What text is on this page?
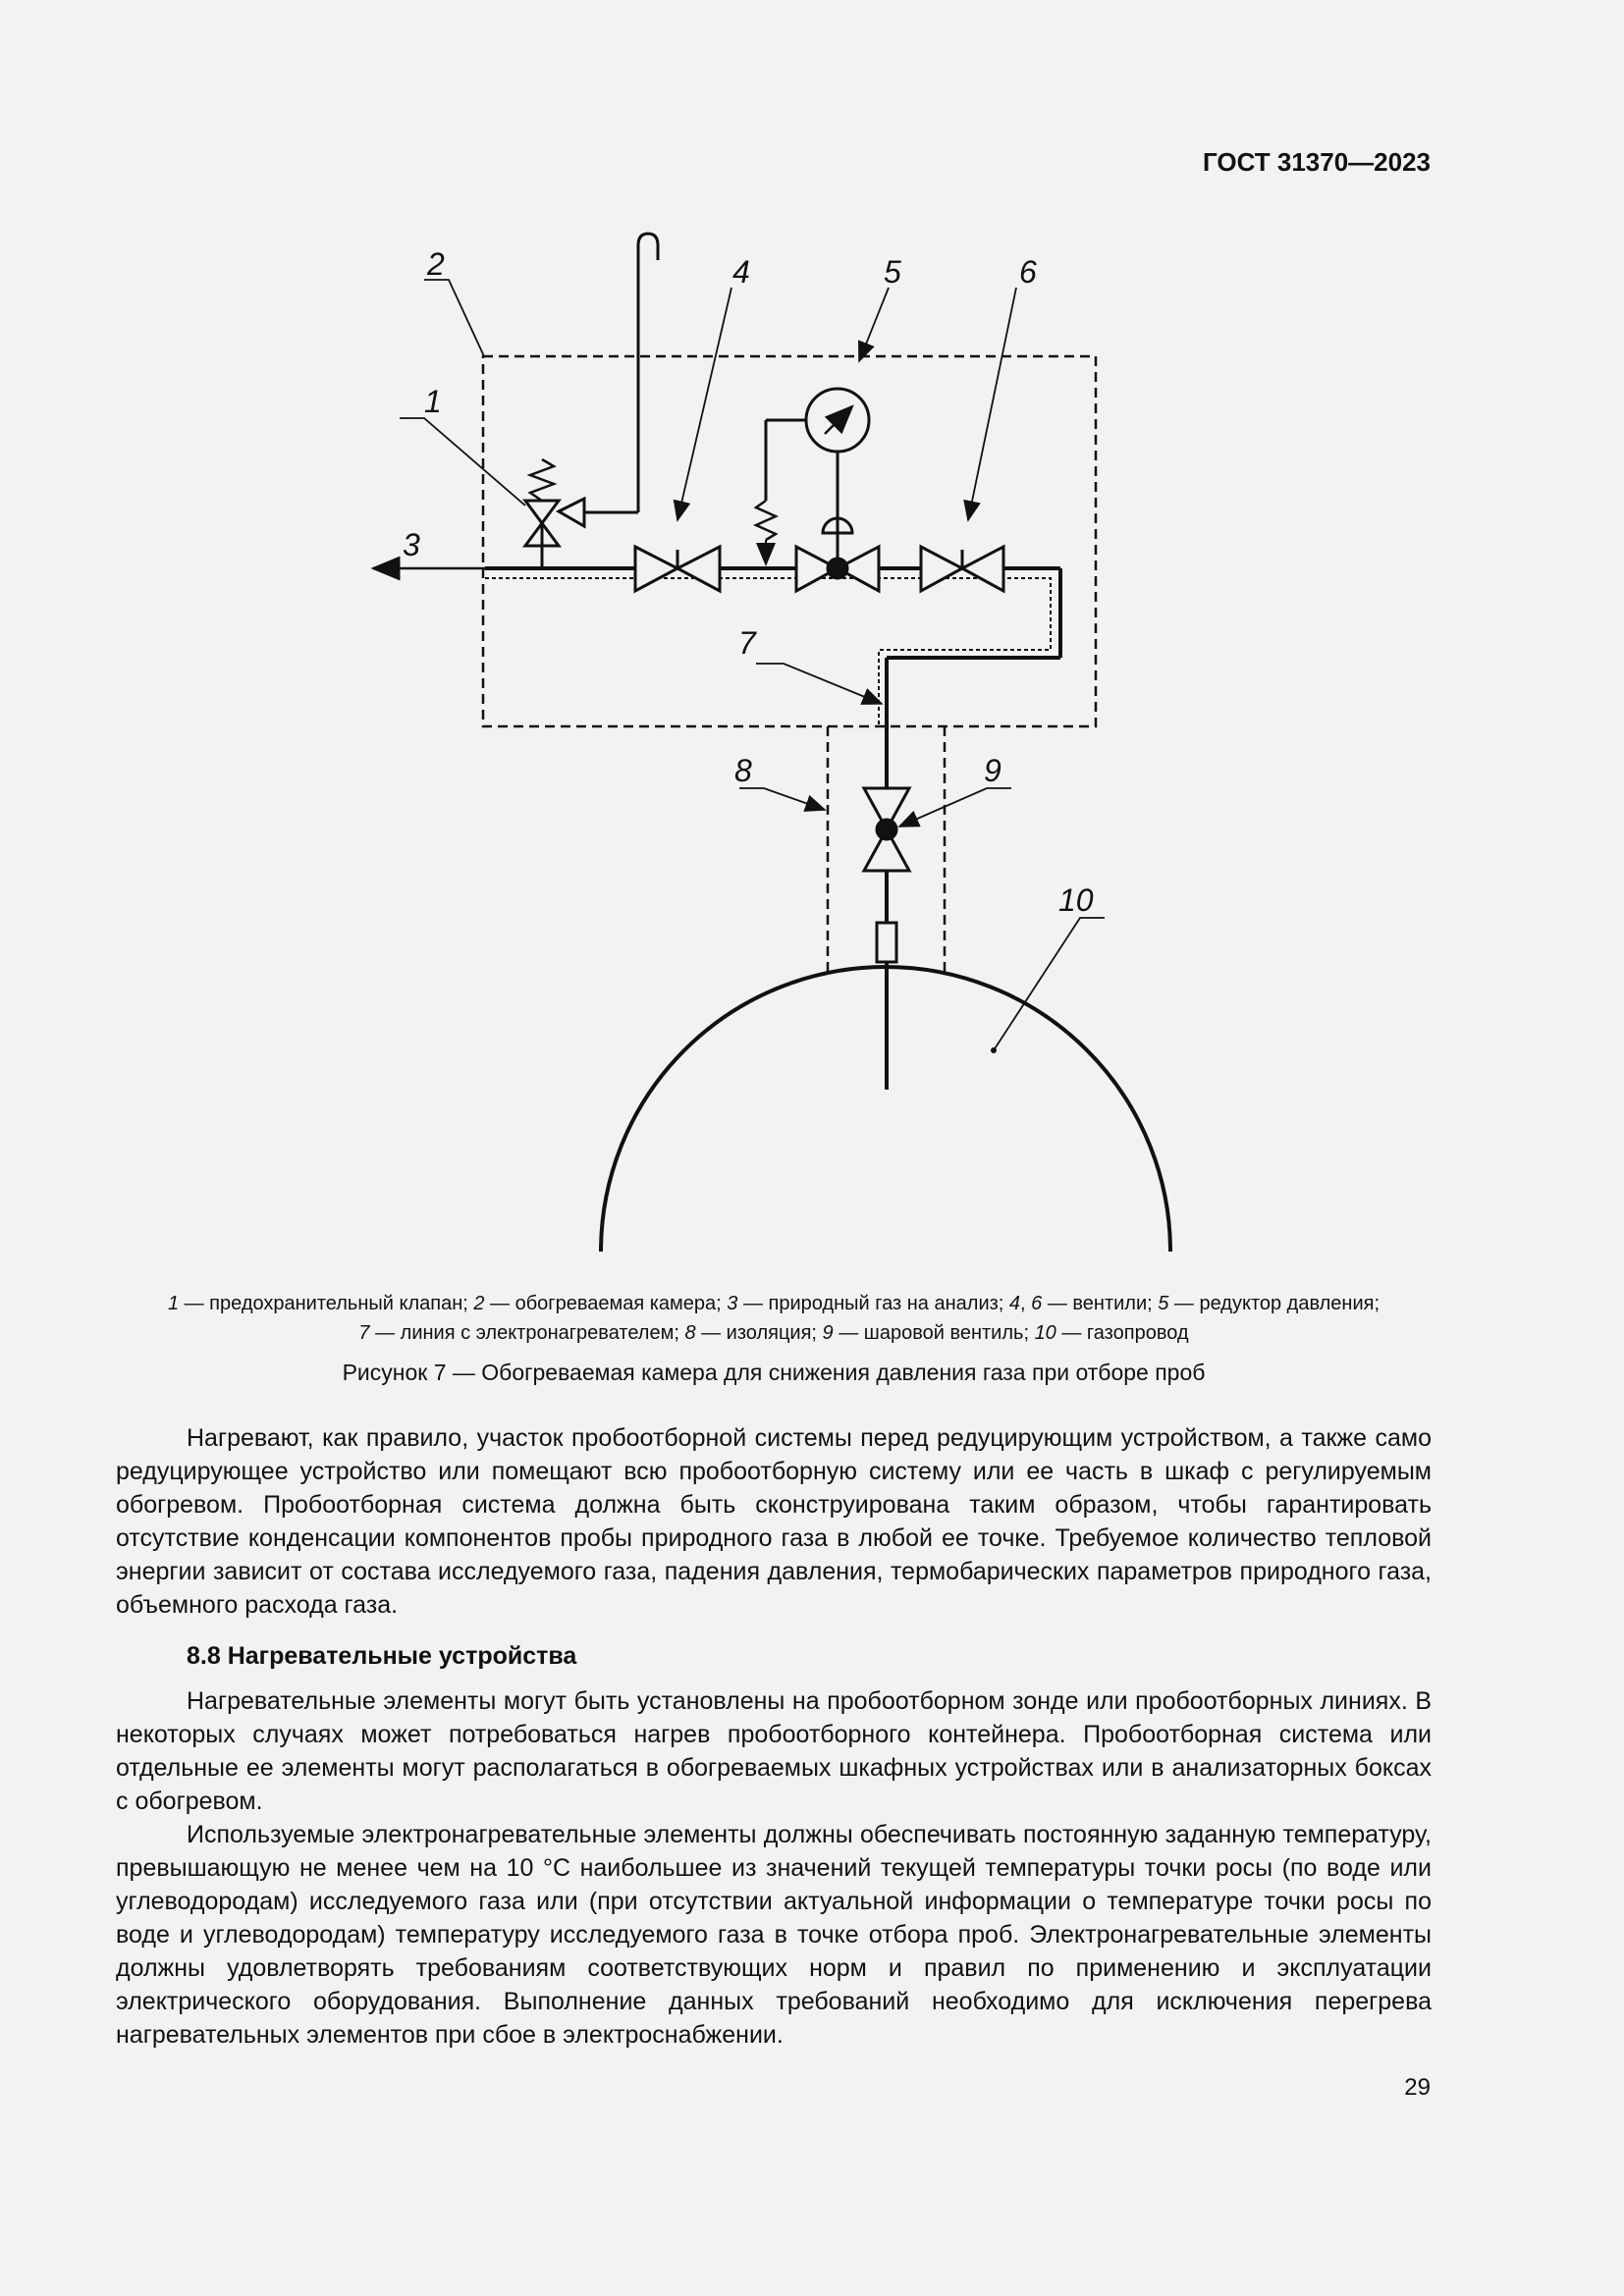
ГОСТ 31370—2023
2
1
3
4	5	6
7
8	9
10
1 — предохранительный клапан; 2 — обогреваемая камера; 3 — природный газ на анализ; 4, 6 — вентили; 5 — редуктор давления;
7 — линия с электронагревателем; 8 — изоляция; 9 — шаровой вентиль; 10 — газопровод
Рисунок 7 — Обогреваемая камера для снижения давления газа при отборе проб

Нагревают, как правило, участок пробоотборной системы перед редуцирующим устройством, а также само редуцирующее устройство или помещают всю пробоотборную систему или ее часть в шкаф с регулируемым обогревом. Пробоотборная система должна быть сконструирована таким образом, чтобы гарантировать отсутствие конденсации компонентов пробы природного газа в любой ее точке. Требуемое количество тепловой энергии зависит от состава исследуемого газа, падения давления, термобарических параметров природного газа, объемного расхода газа.

8.8 Нагревательные устройства

Нагревательные элементы могут быть установлены на пробоотборном зонде или пробоотборных линиях. В некоторых случаях может потребоваться нагрев пробоотборного контейнера. Пробоотборная система или отдельные ее элементы могут располагаться в обогреваемых шкафных устройствах или в анализаторных боксах с обогревом.

Используемые электронагревательные элементы должны обеспечивать постоянную заданную температуру, превышающую не менее чем на 10 °С наибольшее из значений текущей температуры точки росы (по воде или углеводородам) исследуемого газа или (при отсутствии актуальной информации о температуре точки росы по воде и углеводородам) температуру исследуемого газа в точке отбора проб. Электронагревательные элементы должны удовлетворять требованиям соответствующих норм и правил по применению и эксплуатации электрического оборудования. Выполнение данных требований необходимо для исключения перегрева нагревательных элементов при сбое в электроснабжении.

29
